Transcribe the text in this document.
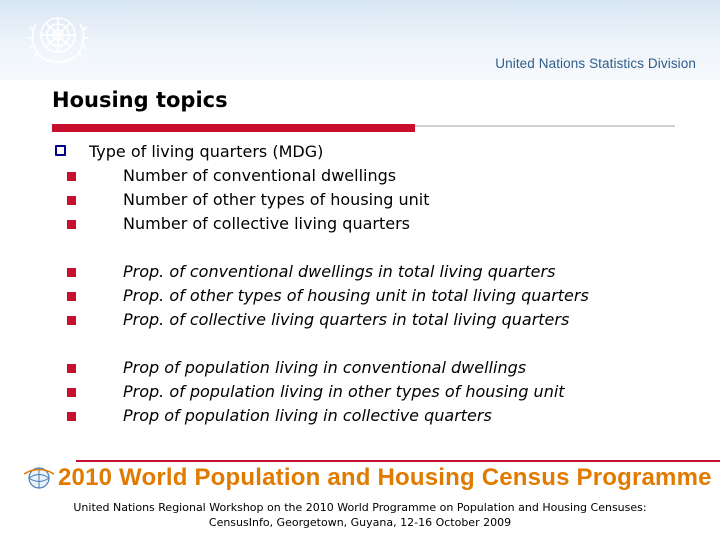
United Nations Statistics Division
Housing topics
Type of living quarters (MDG)
Number of conventional dwellings
Number of other types of housing unit
Number of collective living quarters
Prop. of conventional dwellings in total living quarters
Prop. of other types of housing unit in total living quarters
Prop. of collective living quarters in total living quarters
Prop of population living in conventional dwellings
Prop. of population living in other types of housing unit
Prop of population living in collective quarters
2010 World Population and Housing Census Programme
United Nations Regional Workshop on the 2010 World Programme on Population and Housing Censuses:
CensusInfo, Georgetown, Guyana, 12-16 October 2009
